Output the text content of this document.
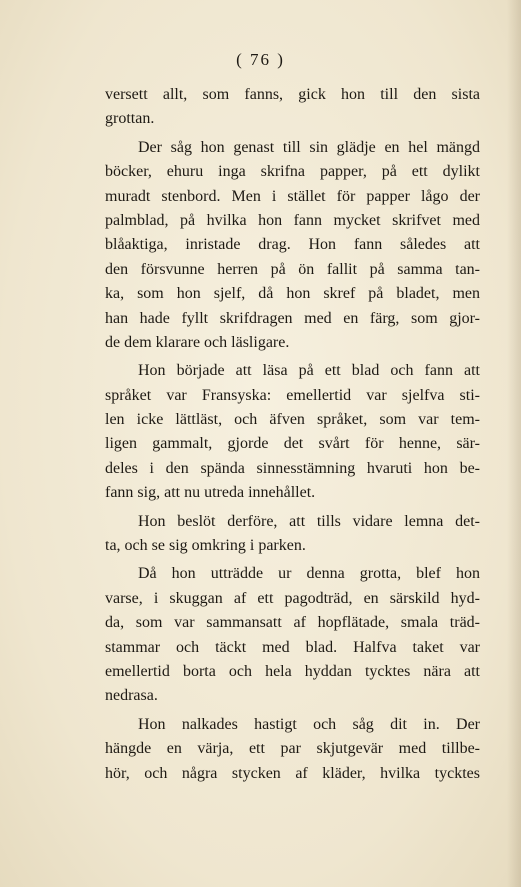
( 76 )
versett allt, som fanns, gick hon till den sista
grottan.
Der såg hon genast till sin glädje en hel mängd
böcker, ehuru inga skrifna papper, på ett dylikt
muradt stenbord. Men i stället för papper lågo der
palmblad, på hvilka hon fann mycket skrifvet med
blåaktiga, inristade drag. Hon fann således att
den försvunne herren på ön fallit på samma tan-
ka, som hon sjelf, då hon skref på bladet, men
han hade fyllt skrifdragen med en färg, som gjor-
de dem klarare och läsligare.
Hon började att läsa på ett blad och fann att
språket var Fransyska: emellertid var sjelfva sti-
len icke lättläst, och äfven språket, som var tem-
ligen gammalt, gjorde det svårt för henne, sär-
deles i den spända sinnesstämning hvaruti hon be-
fann sig, att nu utreda innehållet.
Hon beslöt derföre, att tills vidare lemna det-
ta, och se sig omkring i parken.
Då hon utträdde ur denna grotta, blef hon
varse, i skuggan af ett pagodträd, en särskild hyd-
da, som var sammansatt af hopflätade, smala träd-
stammar och täckt med blad. Halfva taket var
emellertid borta och hela hyddan tycktes nära att
nedrasa.
Hon nalkades hastigt och såg dit in. Der
hängde en värja, ett par skjutgevär med tillbe-
hör, och några stycken af kläder, hvilka tycktes
